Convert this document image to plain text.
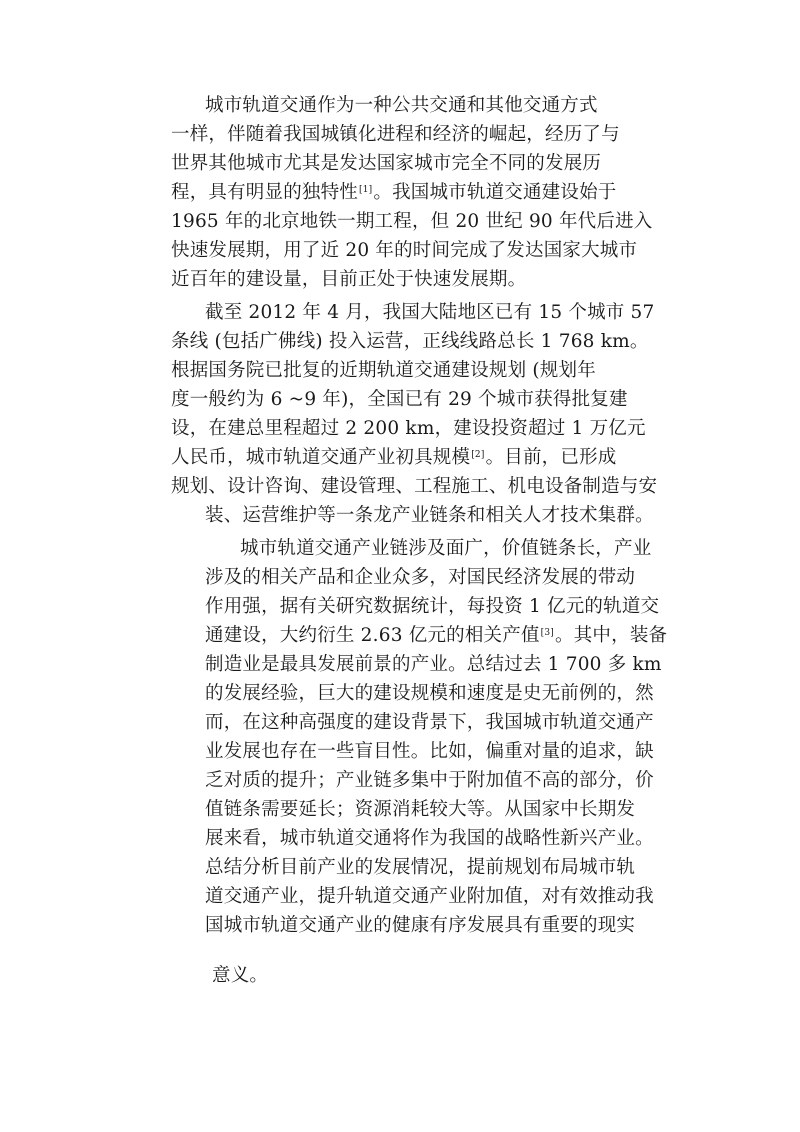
城市轨道交通作为一种公共交通和其他交通方式
一样，伴随着我国城镇化进程和经济的崛起，经历了与
世界其他城市尤其是发达国家城市完全不同的发展历
程，具有明显的独特性[1]。我国城市轨道交通建设始于
1965 年的北京地铁一期工程，但 20 世纪 90 年代后进入
快速发展期，用了近 20 年的时间完成了发达国家大城市
近百年的建设量，目前正处于快速发展期。
截至 2012 年 4 月，我国大陆地区已有 15 个城市 57
条线 (包括广佛线) 投入运营，正线线路总长 1 768 km。
根据国务院已批复的近期轨道交通建设规划 (规划年
度一般约为 6 ~9 年)，全国已有 29 个城市获得批复建
设，在建总里程超过 2 200 km，建设投资超过 1 万亿元
人民币，城市轨道交通产业初具规模[2]。目前，已形成
规划、设计咨询、建设管理、工程施工、机电设备制造与安
装、运营维护等一条龙产业链条和相关人才技术集群。
城市轨道交通产业链涉及面广，价值链条长，产业
涉及的相关产品和企业众多，对国民经济发展的带动
作用强，据有关研究数据统计，每投资 1 亿元的轨道交
通建设，大约衍生 2.63 亿元的相关产值[3]。其中，装备
制造业是最具发展前景的产业。总结过去 1 700 多 km
的发展经验，巨大的建设规模和速度是史无前例的，然
而，在这种高强度的建设背景下，我国城市轨道交通产
业发展也存在一些盲目性。比如，偏重对量的追求，缺
乏对质的提升；产业链多集中于附加值不高的部分，价
值链条需要延长；资源消耗较大等。从国家中长期发
展来看，城市轨道交通将作为我国的战略性新兴产业。
总结分析目前产业的发展情况，提前规划布局城市轨
道交通产业，提升轨道交通产业附加值，对有效推动我
国城市轨道交通产业的健康有序发展具有重要的现实
意义。
